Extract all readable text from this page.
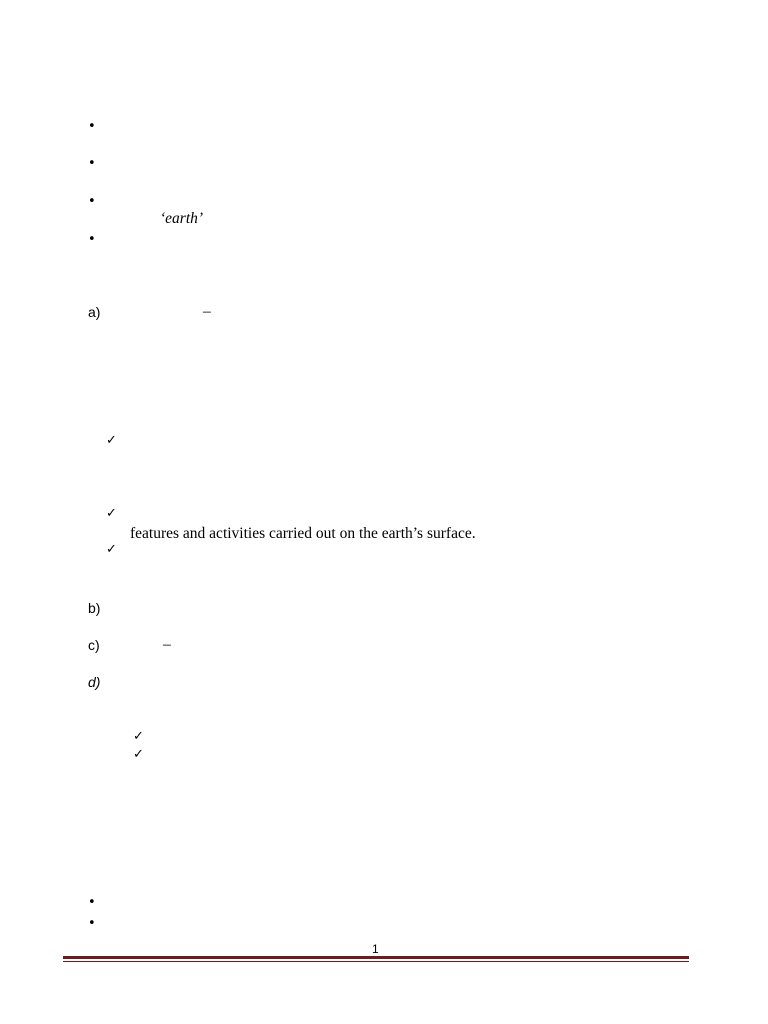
•
•
•
‘earth’
•
a)	–
✓
✓
features and activities carried out on the earth’s surface.
✓
b)
c)	–
d)
✓
✓
•
•
1
